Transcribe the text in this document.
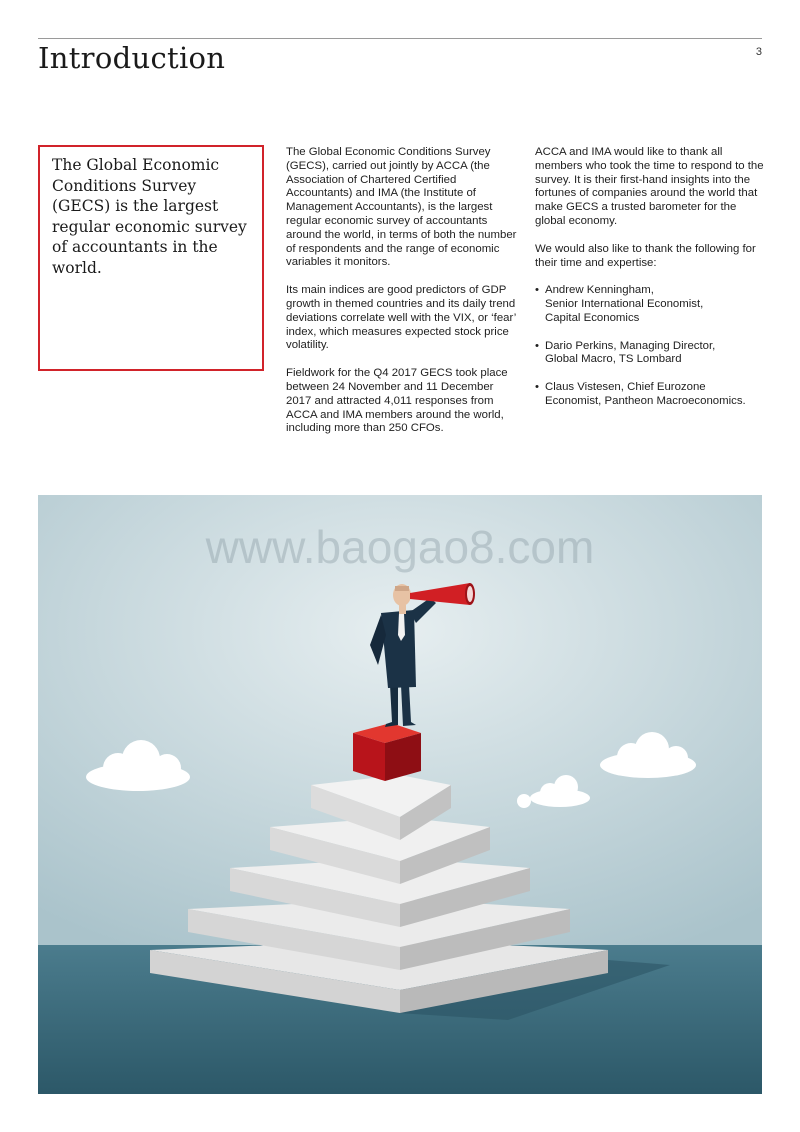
Introduction	3

The Global Economic Conditions Survey (GECS) is the largest regular economic survey of accountants in the world.

The Global Economic Conditions Survey (GECS), carried out jointly by ACCA (the Association of Chartered Certified Accountants) and IMA (the Institute of Management Accountants), is the largest regular economic survey of accountants around the world, in terms of both the number of respondents and the range of economic variables it monitors.

Its main indices are good predictors of GDP growth in themed countries and its daily trend deviations correlate well with the VIX, or ‘fear’ index, which measures expected stock price volatility.

Fieldwork for the Q4 2017 GECS took place between 24 November and 11 December 2017 and attracted 4,011 responses from ACCA and IMA members around the world, including more than 250 CFOs.

ACCA and IMA would like to thank all members who took the time to respond to the survey. It is their first-hand insights into the fortunes of companies around the world that make GECS a trusted barometer for the global economy.

We would also like to thank the following for their time and expertise:

• Andrew Kenningham,
Senior International Economist,
Capital Economics
• Dario Perkins, Managing Director,
Global Macro, TS Lombard
• Claus Vistesen, Chief Eurozone
Economist, Pantheon Macroeconomics.
www.baogao8.com
